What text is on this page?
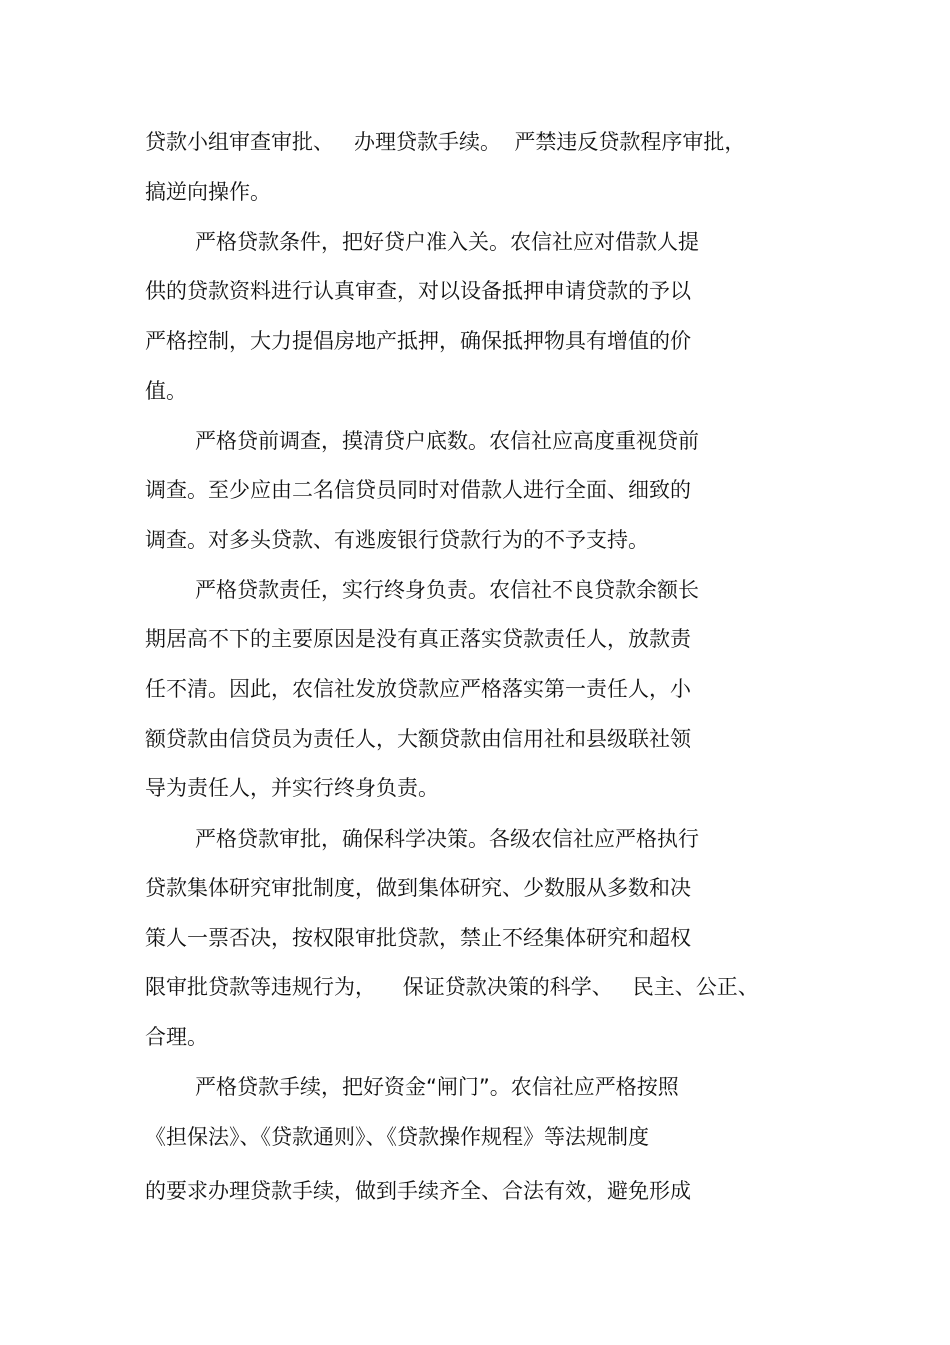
贷款小组审查审批、   办理贷款手续。  严禁违反贷款程序审批，
搞逆向操作。
严格贷款条件，把好贷户准入关。农信社应对借款人提
供的贷款资料进行认真审查，对以设备抵押申请贷款的予以
严格控制，大力提倡房地产抵押，确保抵押物具有增值的价
值。
严格贷前调查，摸清贷户底数。农信社应高度重视贷前
调查。至少应由二名信贷员同时对借款人进行全面、细致的
调查。对多头贷款、有逃废银行贷款行为的不予支持。
严格贷款责任，实行终身负责。农信社不良贷款余额长
期居高不下的主要原因是没有真正落实贷款责任人，放款责
任不清。因此，农信社发放贷款应严格落实第一责任人，小
额贷款由信贷员为责任人，大额贷款由信用社和县级联社领
导为责任人，并实行终身负责。
严格贷款审批，确保科学决策。各级农信社应严格执行
贷款集体研究审批制度，做到集体研究、少数服从多数和决
策人一票否决，按权限审批贷款，禁止不经集体研究和超权
限审批贷款等违规行为，    保证贷款决策的科学、   民主、公正、
合理。
严格贷款手续，把好资金“闸门”。农信社应严格按照
《担保法》、《贷款通则》、《贷款操作规程》等法规制度
的要求办理贷款手续，做到手续齐全、合法有效，避免形成
